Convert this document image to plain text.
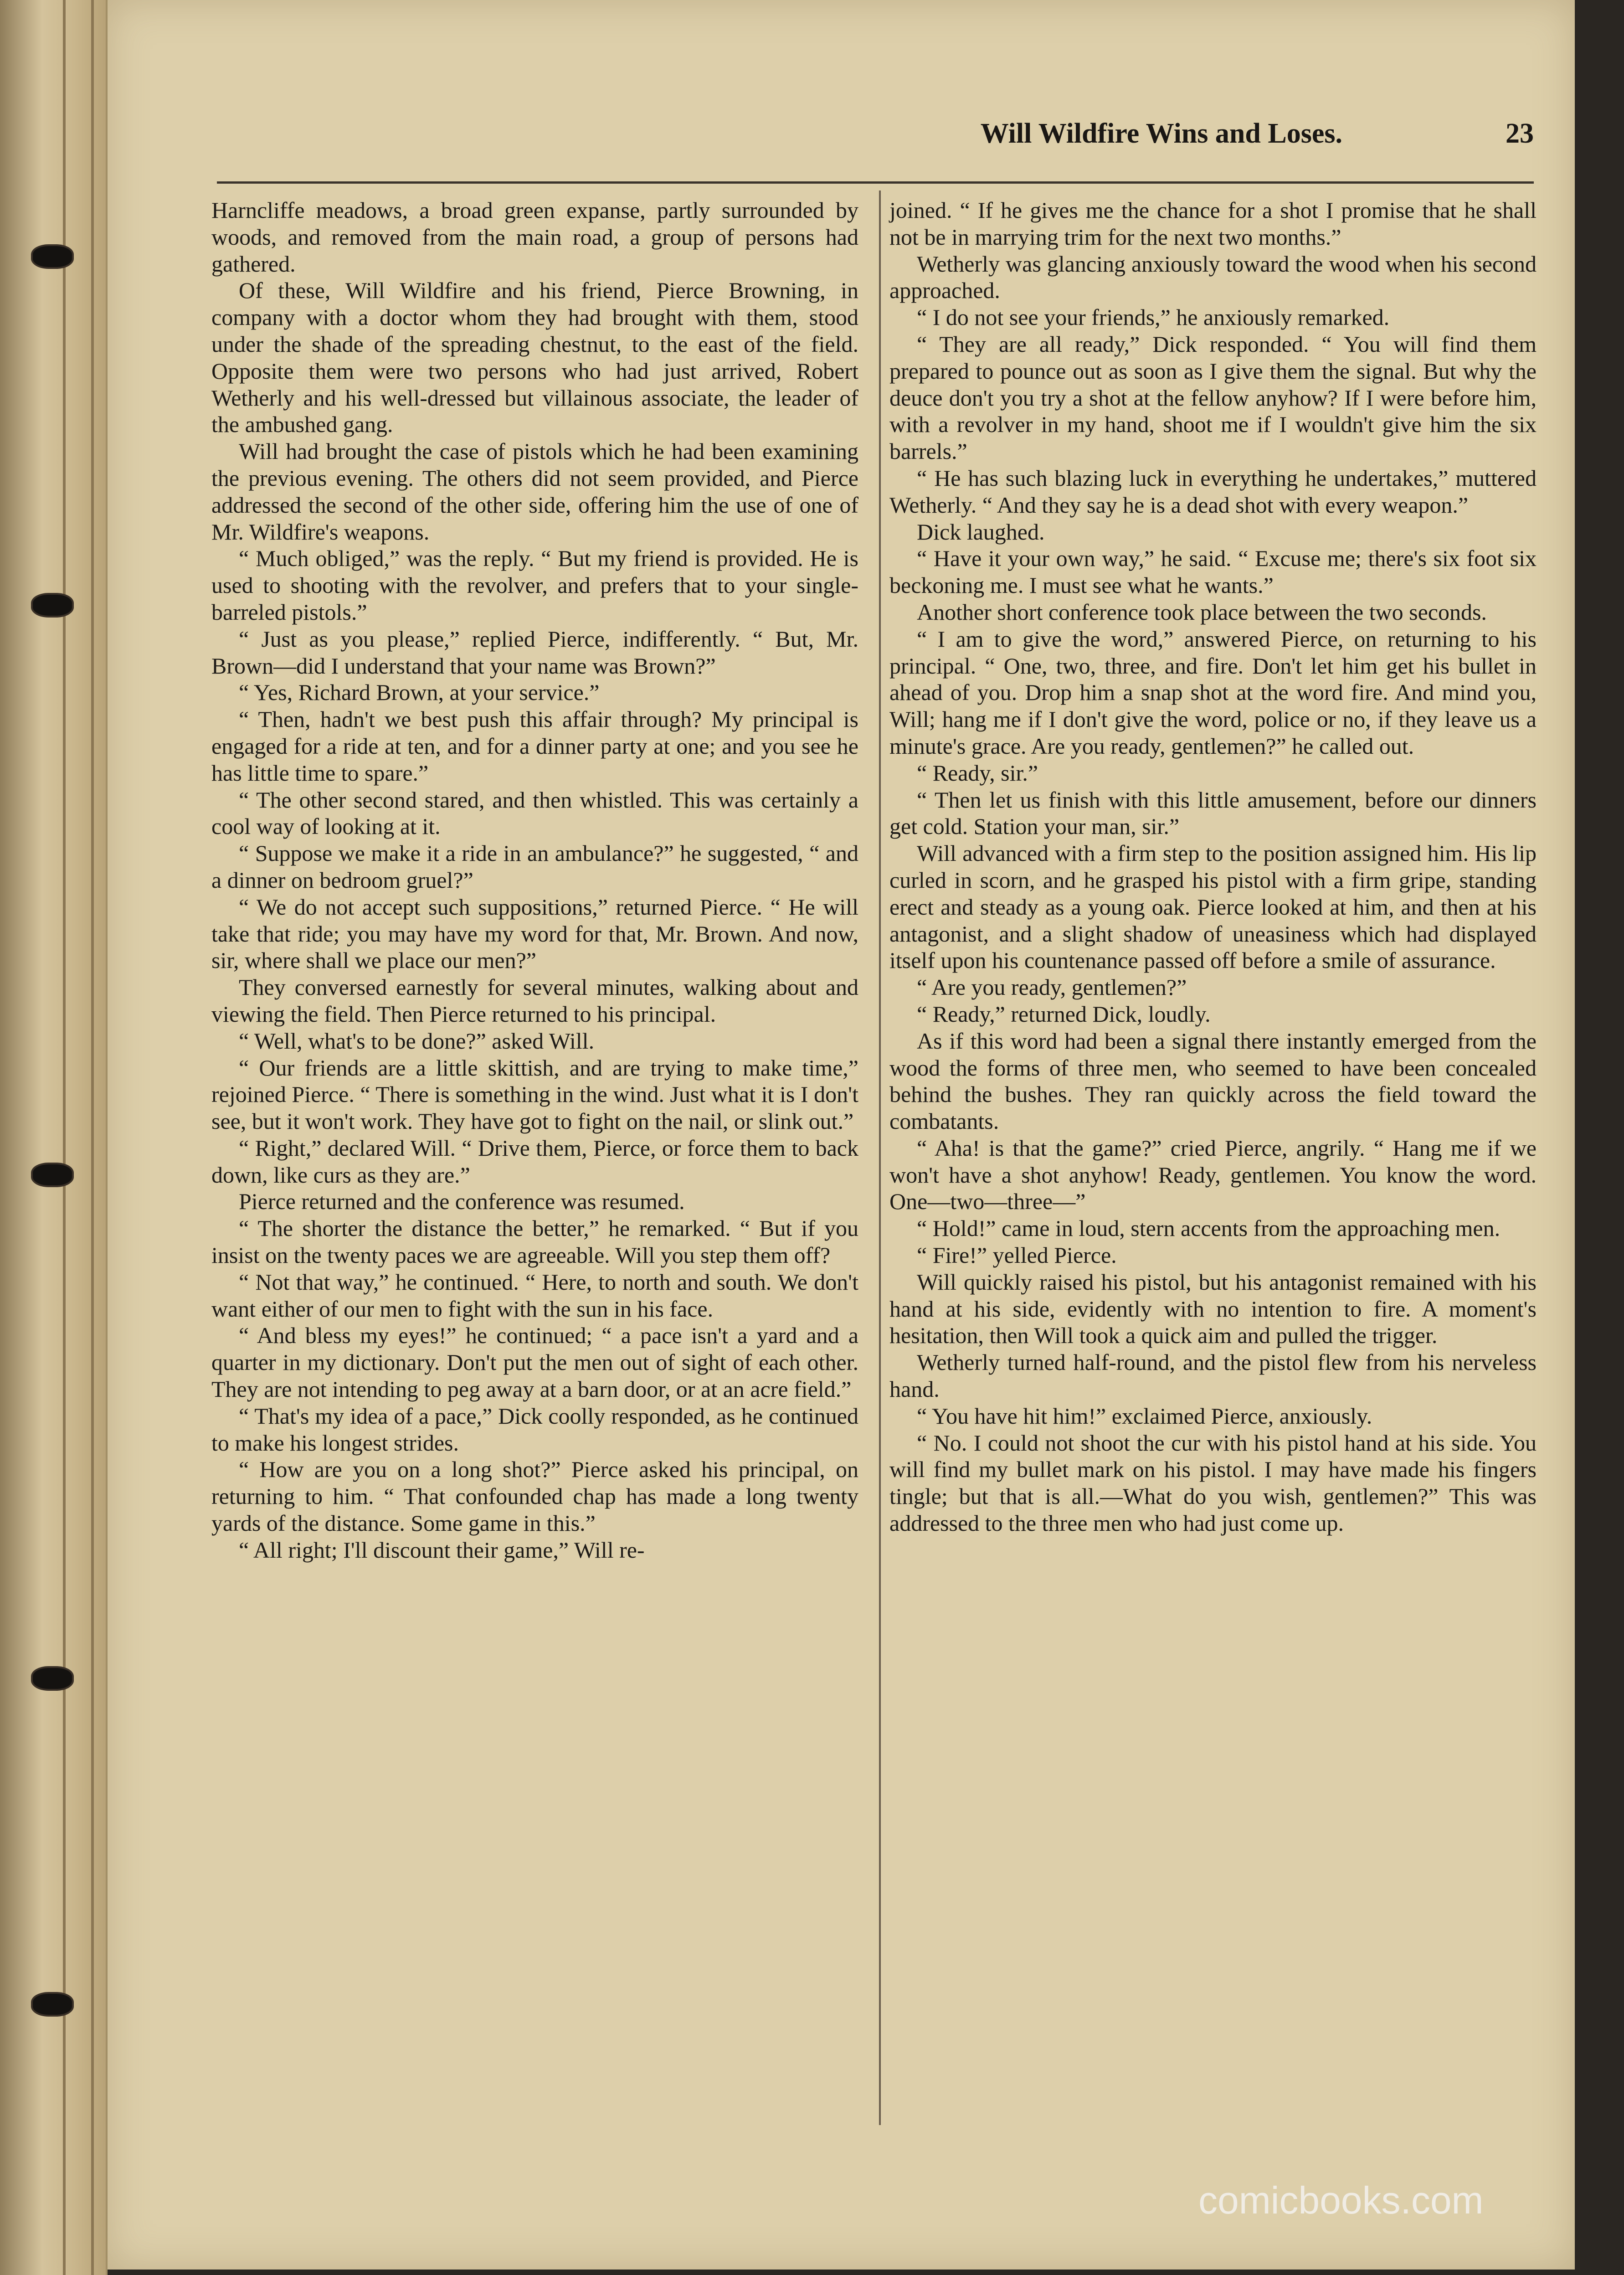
Will Wildfire Wins and Loses.	23

Harncliffe meadows, a broad green expanse, partly surrounded by woods, and removed from the main road, a group of persons had gathered.

Of these, Will Wildfire and his friend, Pierce Browning, in company with a doctor whom they had brought with them, stood under the shade of the spreading chestnut, to the east of the field. Opposite them were two persons who had just arrived, Robert Wetherly and his well-dressed but villainous associate, the leader of the ambushed gang.

Will had brought the case of pistols which he had been examining the previous evening. The others did not seem provided, and Pierce addressed the second of the other side, offering him the use of one of Mr. Wildfire's weapons.

“ Much obliged,” was the reply. “ But my friend is provided. He is used to shooting with the revolver, and prefers that to your single-barreled pistols.”

“ Just as you please,” replied Pierce, indifferently. “ But, Mr. Brown—did I understand that your name was Brown?”

“ Yes, Richard Brown, at your service.”

“ Then, hadn't we best push this affair through? My principal is engaged for a ride at ten, and for a dinner party at one; and you see he has little time to spare.”

“ The other second stared, and then whistled. This was certainly a cool way of looking at it.

“ Suppose we make it a ride in an ambulance?” he suggested, “ and a dinner on bedroom gruel?”

“ We do not accept such suppositions,” returned Pierce. “ He will take that ride; you may have my word for that, Mr. Brown. And now, sir, where shall we place our men?”

They conversed earnestly for several minutes, walking about and viewing the field. Then Pierce returned to his principal.

“ Well, what's to be done?” asked Will.

“ Our friends are a little skittish, and are trying to make time,” rejoined Pierce. “ There is something in the wind. Just what it is I don't see, but it won't work. They have got to fight on the nail, or slink out.”

“ Right,” declared Will. “ Drive them, Pierce, or force them to back down, like curs as they are.”

Pierce returned and the conference was resumed.

“ The shorter the distance the better,” he remarked. “ But if you insist on the twenty paces we are agreeable. Will you step them off?

“ Not that way,” he continued. “ Here, to north and south. We don't want either of our men to fight with the sun in his face.

“ And bless my eyes!” he continued; “ a pace isn't a yard and a quarter in my dictionary. Don't put the men out of sight of each other. They are not intending to peg away at a barn door, or at an acre field.”

“ That's my idea of a pace,” Dick coolly responded, as he continued to make his longest strides.

“ How are you on a long shot?” Pierce asked his principal, on returning to him. “ That confounded chap has made a long twenty yards of the distance. Some game in this.”

“ All right; I'll discount their game,” Will re-

joined. “ If he gives me the chance for a shot I promise that he shall not be in marrying trim for the next two months.”

Wetherly was glancing anxiously toward the wood when his second approached.

“ I do not see your friends,” he anxiously remarked.

“ They are all ready,” Dick responded. “ You will find them prepared to pounce out as soon as I give them the signal. But why the deuce don't you try a shot at the fellow anyhow? If I were before him, with a revolver in my hand, shoot me if I wouldn't give him the six barrels.”

“ He has such blazing luck in everything he undertakes,” muttered Wetherly. “ And they say he is a dead shot with every weapon.”

Dick laughed.

“ Have it your own way,” he said. “ Excuse me; there's six foot six beckoning me. I must see what he wants.”

Another short conference took place between the two seconds.

“ I am to give the word,” answered Pierce, on returning to his principal. “ One, two, three, and fire. Don't let him get his bullet in ahead of you. Drop him a snap shot at the word fire. And mind you, Will; hang me if I don't give the word, police or no, if they leave us a minute's grace. Are you ready, gentlemen?” he called out.

“ Ready, sir.”

“ Then let us finish with this little amusement, before our dinners get cold. Station your man, sir.”

Will advanced with a firm step to the position assigned him. His lip curled in scorn, and he grasped his pistol with a firm gripe, standing erect and steady as a young oak. Pierce looked at him, and then at his antagonist, and a slight shadow of uneasiness which had displayed itself upon his countenance passed off before a smile of assurance.

“ Are you ready, gentlemen?”

“ Ready,” returned Dick, loudly.

As if this word had been a signal there instantly emerged from the wood the forms of three men, who seemed to have been concealed behind the bushes. They ran quickly across the field toward the combatants.

“ Aha! is that the game?” cried Pierce, angrily. “ Hang me if we won't have a shot anyhow! Ready, gentlemen. You know the word. One—two—three—”

“ Hold!” came in loud, stern accents from the approaching men.

“ Fire!” yelled Pierce.

Will quickly raised his pistol, but his antagonist remained with his hand at his side, evidently with no intention to fire. A moment's hesitation, then Will took a quick aim and pulled the trigger.

Wetherly turned half-round, and the pistol flew from his nerveless hand.

“ You have hit him!” exclaimed Pierce, anxiously.

“ No. I could not shoot the cur with his pistol hand at his side. You will find my bullet mark on his pistol. I may have made his fingers tingle; but that is all.—What do you wish, gentlemen?” This was addressed to the three men who had just come up.

comicbooks.com
